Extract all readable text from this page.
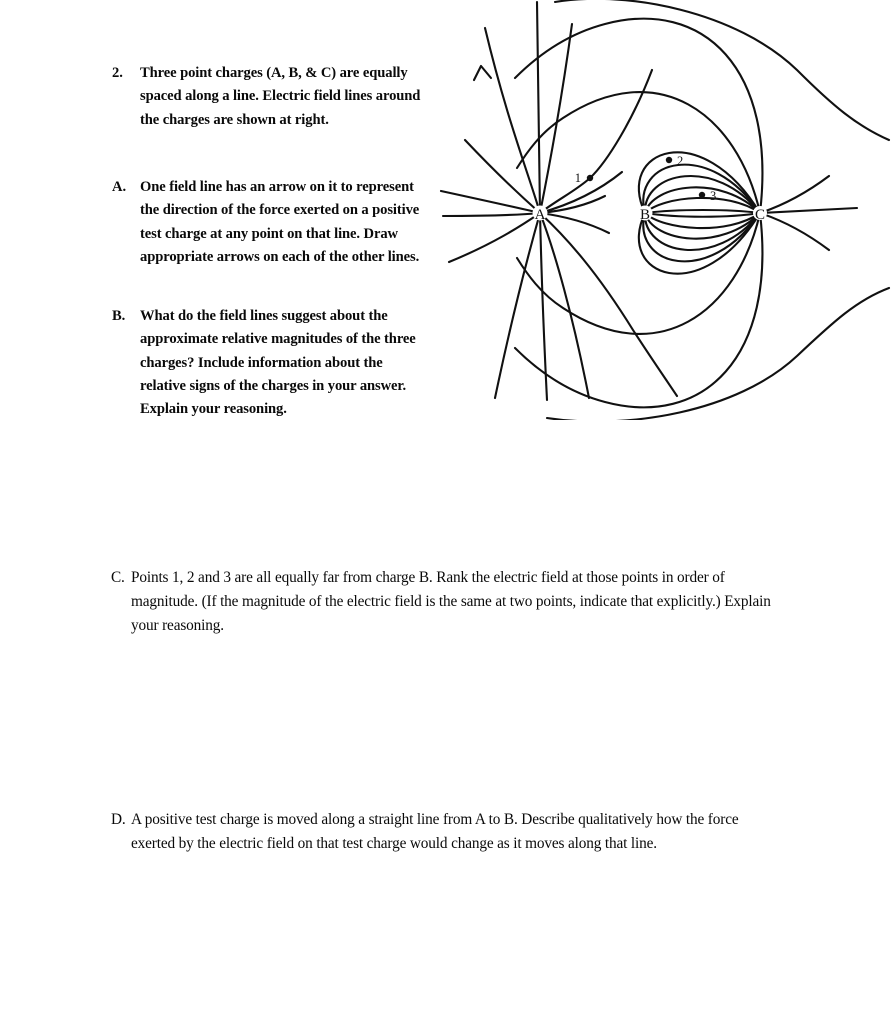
2.	Three point charges (A, B, & C) are equally spaced along a line. Electric field lines around the charges are shown at right.
A. One field line has an arrow on it to represent the direction of the force exerted on a positive test charge at any point on that line. Draw appropriate arrows on each of the other lines.
B.	What do the field lines suggest about the approximate relative magnitudes of the three charges? Include information about the relative signs of the charges in your answer. Explain your reasoning.
C. Points 1, 2 and 3 are all equally far from charge B. Rank the electric field at those points in order of magnitude. (If the magnitude of the electric field is the same at two points, indicate that explicitly.) Explain your reasoning.
D. A positive test charge is moved along a straight line from A to B. Describe qualitatively how the force exerted by the electric field on that test charge would change as it moves along that line.
A	B	C
1
2
3
